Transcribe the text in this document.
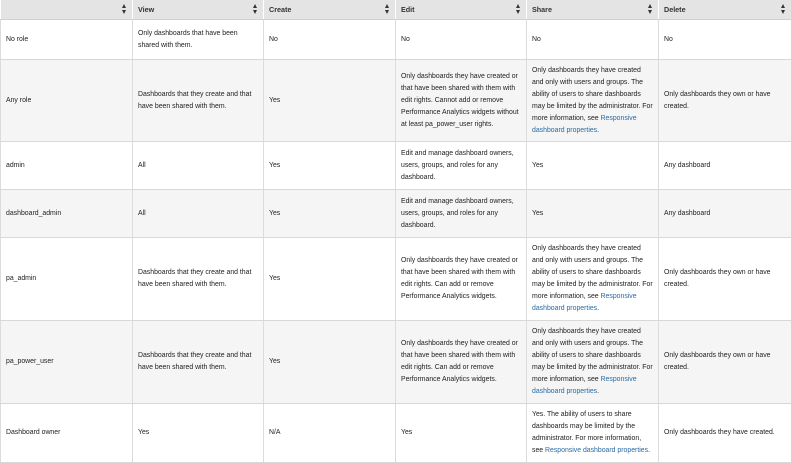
	View	Create	Edit	Share	Delete

No role	Only dashboards that have been shared with them.	No	No	No	No
Any role	Dashboards that they create and that have been shared with them.	Yes	Only dashboards they have created or that have been shared with them with edit rights. Cannot add or remove Performance Analytics widgets without at least pa_power_user rights.	Only dashboards they have created and only with users and groups. The ability of users to share dashboards may be limited by the administrator. For more information, see Responsive dashboard properties.	Only dashboards they own or have created.
admin	All	Yes	Edit and manage dashboard owners, users, groups, and roles for any dashboard.	Yes	Any dashboard
dashboard_admin	All	Yes	Edit and manage dashboard owners, users, groups, and roles for any dashboard.	Yes	Any dashboard
pa_admin	Dashboards that they create and that have been shared with them.	Yes	Only dashboards they have created or that have been shared with them with edit rights. Can add or remove Performance Analytics widgets.	Only dashboards they have created and only with users and groups. The ability of users to share dashboards may be limited by the administrator. For more information, see Responsive dashboard properties.	Only dashboards they own or have created.
pa_power_user	Dashboards that they create and that have been shared with them.	Yes	Only dashboards they have created or that have been shared with them with edit rights. Can add or remove Performance Analytics widgets.	Only dashboards they have created and only with users and groups. The ability of users to share dashboards may be limited by the administrator. For more information, see Responsive dashboard properties.	Only dashboards they own or have created.
Dashboard owner	Yes	N/A	Yes	Yes. The ability of users to share dashboards may be limited by the administrator. For more information, see Responsive dashboard properties.	Only dashboards they have created.
